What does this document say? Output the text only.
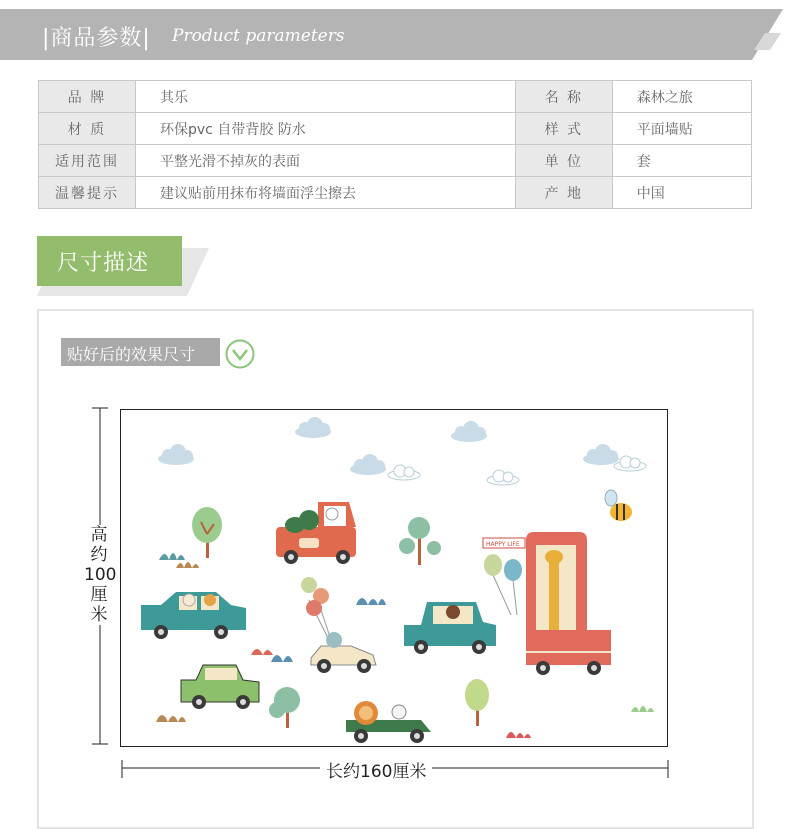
|商品参数| Product parameters
品 牌	其乐	名 称	森林之旅
材 质	环保pvc 自带背胶 防水	样 式	平面墙贴
适用范围	平整光滑不掉灰的表面	单 位	套
温馨提示	建议贴前用抹布将墙面浮尘擦去	产 地	中国
尺寸描述
贴好后的效果尺寸
高
约
100
厘
米
长约160厘米
HAPPY LIFE
